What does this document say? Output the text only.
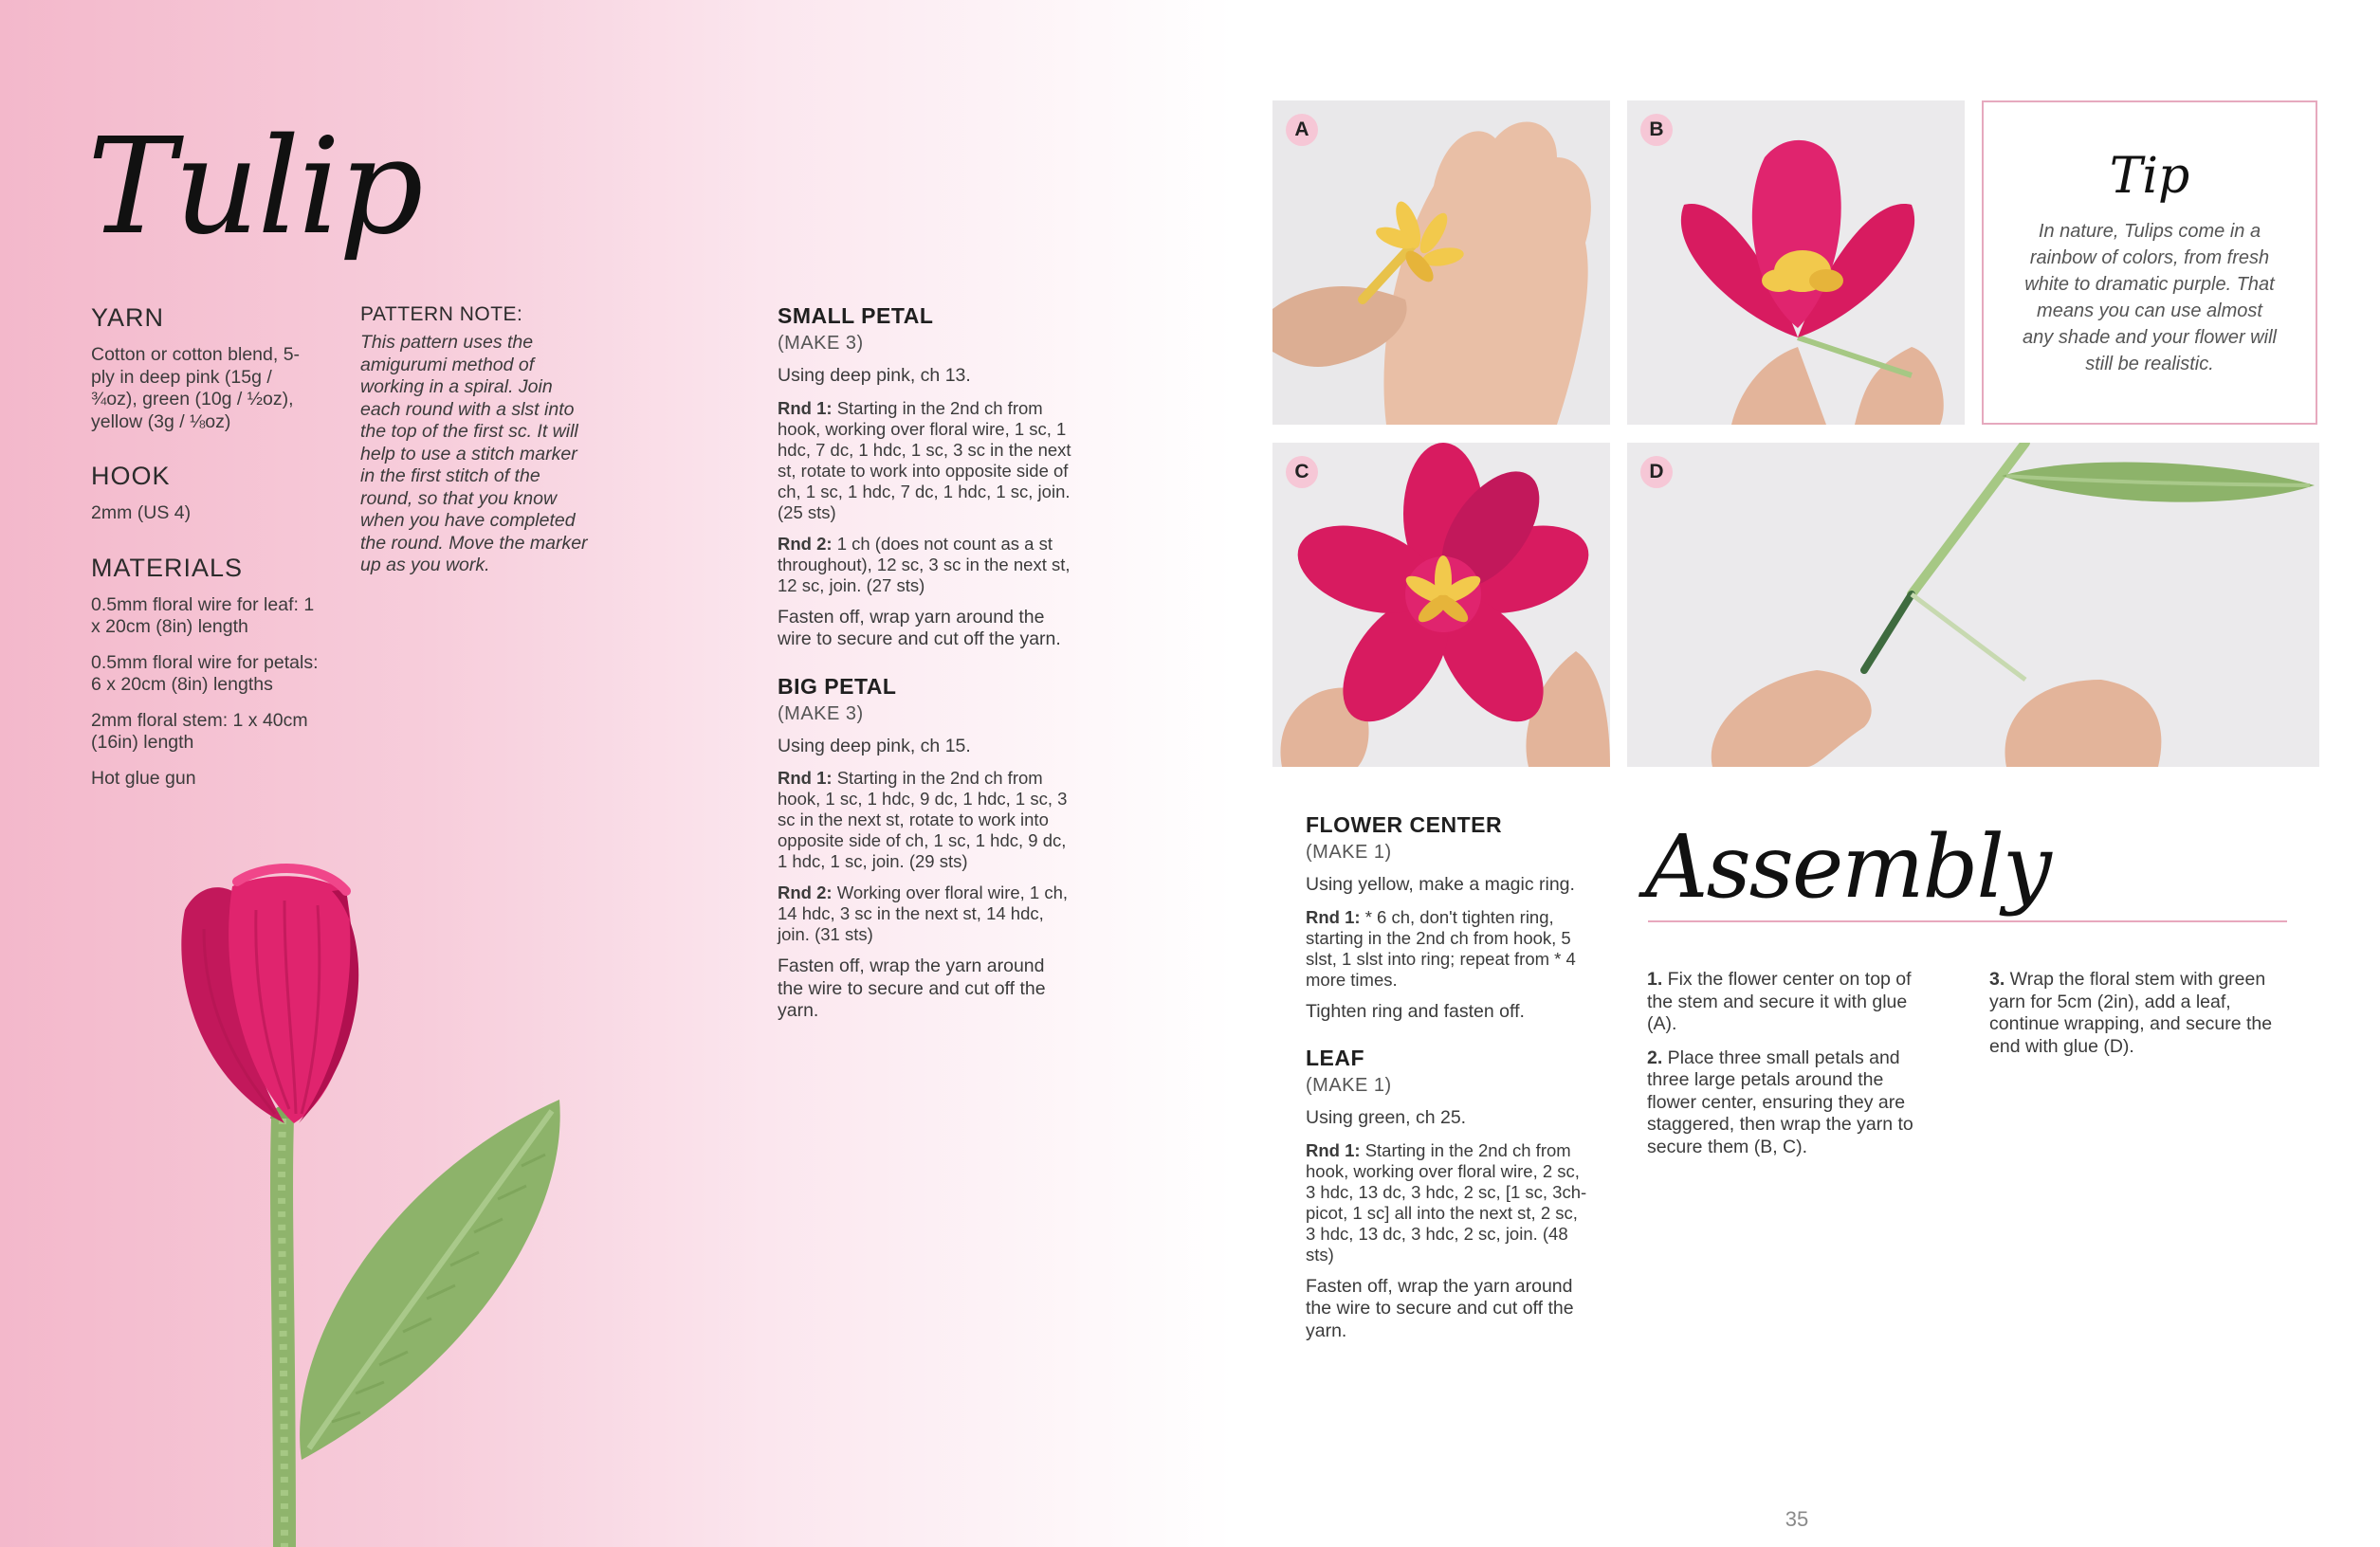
Tulip
YARN

Cotton or cotton blend, 5-ply in deep pink (15g / ¾oz), green (10g / ½oz), yellow (3g / ⅛oz)

HOOK

2mm (US 4)

MATERIALS

0.5mm floral wire for leaf: 1 x 20cm (8in) length

0.5mm floral wire for petals: 6 x 20cm (8in) lengths

2mm floral stem: 1 x 40cm (16in) length

Hot glue gun

PATTERN NOTE:

This pattern uses the amigurumi method of working in a spiral. Join each round with a slst into the top of the first sc. It will help to use a stitch marker in the first stitch of the round, so that you know when you have completed the round. Move the marker up as you work.

SMALL PETAL
(MAKE 3)

Using deep pink, ch 13.

Rnd 1: Starting in the 2nd ch from hook, working over floral wire, 1 sc, 1 hdc, 7 dc, 1 hdc, 1 sc, 3 sc in the next st, rotate to work into opposite side of ch, 1 sc, 1 hdc, 7 dc, 1 hdc, 1 sc, join. (25 sts)

Rnd 2: 1 ch (does not count as a st throughout), 12 sc, 3 sc in the next st, 12 sc, join. (27 sts)

Fasten off, wrap yarn around the wire to secure and cut off the yarn.

BIG PETAL
(MAKE 3)

Using deep pink, ch 15.

Rnd 1: Starting in the 2nd ch from hook, 1 sc, 1 hdc, 9 dc, 1 hdc, 1 sc, 3 sc in the next st, rotate to work into opposite side of ch, 1 sc, 1 hdc, 9 dc, 1 hdc, 1 sc, join. (29 sts)

Rnd 2: Working over floral wire, 1 ch, 14 hdc, 3 sc in the next st, 14 hdc, join. (31 sts)

Fasten off, wrap the yarn around the wire to secure and cut off the yarn.

A	B
Tip

In nature, Tulips come in a rainbow of colors, from fresh white to dramatic purple. That means you can use almost any shade and your flower will still be realistic.

C	D
FLOWER CENTER
(MAKE 1)

Using yellow, make a magic ring.

Rnd 1: * 6 ch, don't tighten ring, starting in the 2nd ch from hook, 5 slst, 1 slst into ring; repeat from * 4 more times.

Tighten ring and fasten off.

LEAF
(MAKE 1)

Using green, ch 25.

Rnd 1: Starting in the 2nd ch from hook, working over floral wire, 2 sc, 3 hdc, 13 dc, 3 hdc, 2 sc, [1 sc, 3ch-picot, 1 sc] all into the next st, 2 sc, 3 hdc, 13 dc, 3 hdc, 2 sc, join. (48 sts)

Fasten off, wrap the yarn around the wire to secure and cut off the yarn.

Assembly

1. Fix the flower center on top of the stem and secure it with glue (A).

2. Place three small petals and three large petals around the flower center, ensuring they are staggered, then wrap the yarn to secure them (B, C).

3. Wrap the floral stem with green yarn for 5cm (2in), add a leaf, continue wrapping, and secure the end with glue (D).

35
